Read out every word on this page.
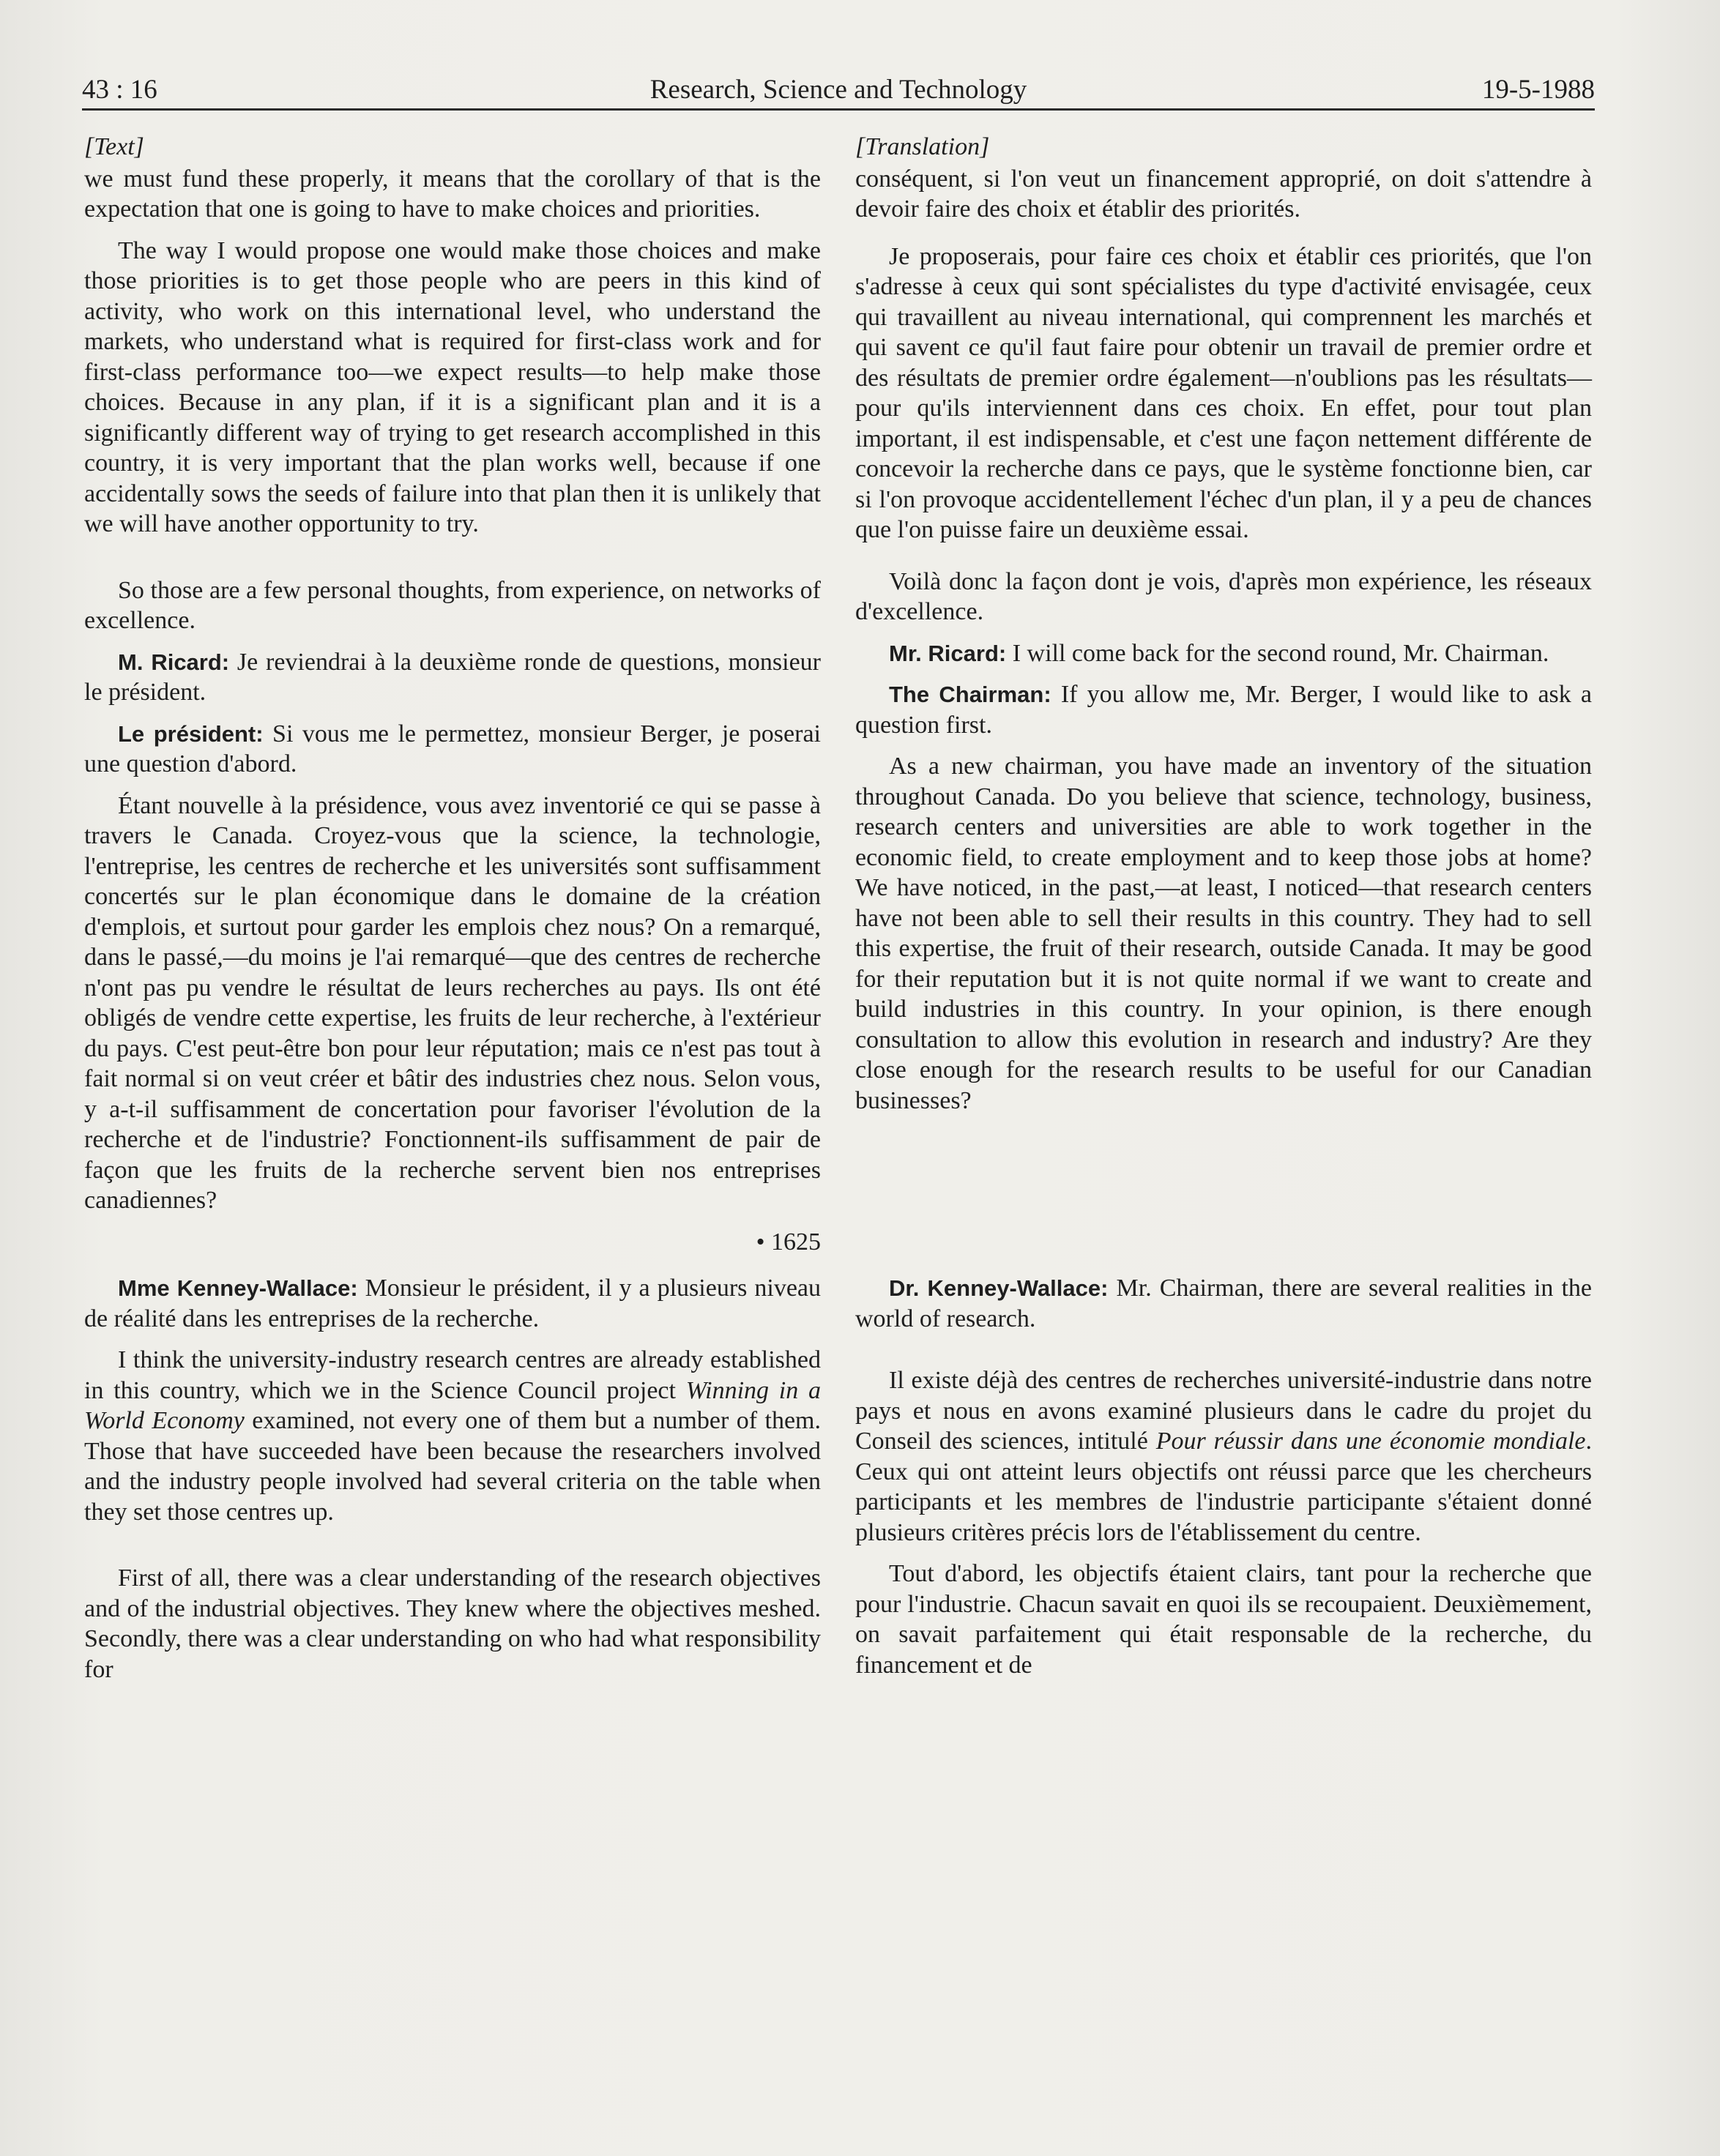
43 : 16	Research, Science and Technology	19-5-1988

[Text]

we must fund these properly, it means that the corollary of that is the expectation that one is going to have to make choices and priorities.

The way I would propose one would make those choices and make those priorities is to get those people who are peers in this kind of activity, who work on this international level, who understand the markets, who understand what is required for first-class work and for first-class performance too—we expect results—to help make those choices. Because in any plan, if it is a significant plan and it is a significantly different way of trying to get research accomplished in this country, it is very important that the plan works well, because if one accidentally sows the seeds of failure into that plan then it is unlikely that we will have another opportunity to try.

So those are a few personal thoughts, from experience, on networks of excellence.

M. Ricard: Je reviendrai à la deuxième ronde de questions, monsieur le président.

Le président: Si vous me le permettez, monsieur Berger, je poserai une question d'abord.

Étant nouvelle à la présidence, vous avez inventorié ce qui se passe à travers le Canada. Croyez-vous que la science, la technologie, l'entreprise, les centres de recherche et les universités sont suffisamment concertés sur le plan économique dans le domaine de la création d'emplois, et surtout pour garder les emplois chez nous? On a remarqué, dans le passé,—du moins je l'ai remarqué—que des centres de recherche n'ont pas pu vendre le résultat de leurs recherches au pays. Ils ont été obligés de vendre cette expertise, les fruits de leur recherche, à l'extérieur du pays. C'est peut-être bon pour leur réputation; mais ce n'est pas tout à fait normal si on veut créer et bâtir des industries chez nous. Selon vous, y a-t-il suffisamment de concertation pour favoriser l'évolution de la recherche et de l'industrie? Fonctionnent-ils suffisamment de pair de façon que les fruits de la recherche servent bien nos entreprises canadiennes?

• 1625

Mme Kenney-Wallace: Monsieur le président, il y a plusieurs niveau de réalité dans les entreprises de la recherche.

I think the university-industry research centres are already established in this country, which we in the Science Council project Winning in a World Economy examined, not every one of them but a number of them. Those that have succeeded have been because the researchers involved and the industry people involved had several criteria on the table when they set those centres up.

First of all, there was a clear understanding of the research objectives and of the industrial objectives. They knew where the objectives meshed. Secondly, there was a clear understanding on who had what responsibility for

[Translation]

conséquent, si l'on veut un financement approprié, on doit s'attendre à devoir faire des choix et établir des priorités.

Je proposerais, pour faire ces choix et établir ces priorités, que l'on s'adresse à ceux qui sont spécialistes du type d'activité envisagée, ceux qui travaillent au niveau international, qui comprennent les marchés et qui savent ce qu'il faut faire pour obtenir un travail de premier ordre et des résultats de premier ordre également—n'oublions pas les résultats—pour qu'ils interviennent dans ces choix. En effet, pour tout plan important, il est indispensable, et c'est une façon nettement différente de concevoir la recherche dans ce pays, que le système fonctionne bien, car si l'on provoque accidentellement l'échec d'un plan, il y a peu de chances que l'on puisse faire un deuxième essai.

Voilà donc la façon dont je vois, d'après mon expérience, les réseaux d'excellence.

Mr. Ricard: I will come back for the second round, Mr. Chairman.

The Chairman: If you allow me, Mr. Berger, I would like to ask a question first.

As a new chairman, you have made an inventory of the situation throughout Canada. Do you believe that science, technology, business, research centers and universities are able to work together in the economic field, to create employment and to keep those jobs at home? We have noticed, in the past,—at least, I noticed—that research centers have not been able to sell their results in this country. They had to sell this expertise, the fruit of their research, outside Canada. It may be good for their reputation but it is not quite normal if we want to create and build industries in this country. In your opinion, is there enough consultation to allow this evolution in research and industry? Are they close enough for the research results to be useful for our Canadian businesses?

Dr. Kenney-Wallace: Mr. Chairman, there are several realities in the world of research.

Il existe déjà des centres de recherches université-industrie dans notre pays et nous en avons examiné plusieurs dans le cadre du projet du Conseil des sciences, intitulé Pour réussir dans une économie mondiale. Ceux qui ont atteint leurs objectifs ont réussi parce que les chercheurs participants et les membres de l'industrie participante s'étaient donné plusieurs critères précis lors de l'établissement du centre.

Tout d'abord, les objectifs étaient clairs, tant pour la recherche que pour l'industrie. Chacun savait en quoi ils se recoupaient. Deuxièmement, on savait parfaitement qui était responsable de la recherche, du financement et de
